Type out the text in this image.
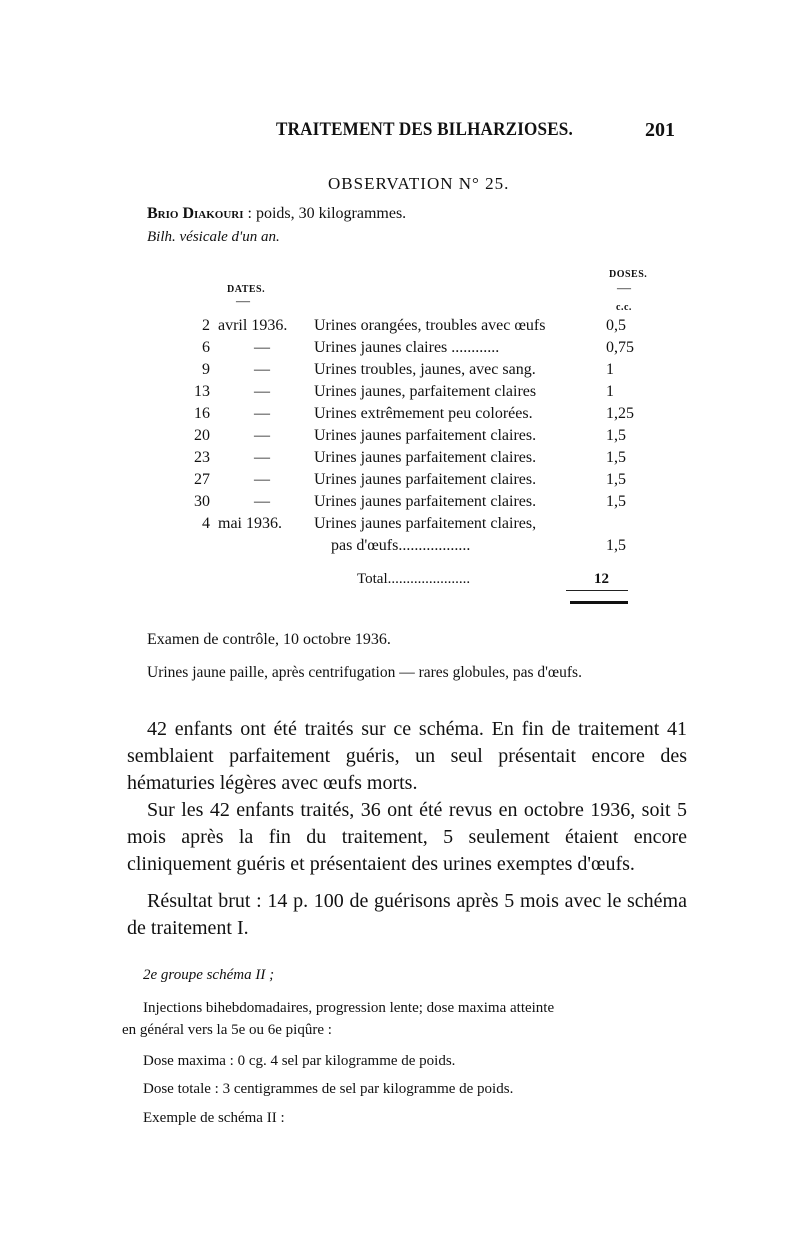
TRAITEMENT DES BILHARZIOSES.	201
OBSERVATION N° 25.
Brio Diakouri : poids, 30 kilogrammes.
Bilh. vésicale d'un an.
DATES.
—
DOSES.
—
c.c.
2 avril 1936. Urines orangées, troubles avec œufs	0,5
6	—	Urines jaunes claires ............	0,75
9	—	Urines troubles, jaunes, avec sang.	1
13	—	Urines jaunes, parfaitement claires	1
16	—	Urines extrêmement peu colorées.	1,25
20	—	Urines jaunes parfaitement claires.	1,5
23	—	Urines jaunes parfaitement claires.	1,5
27	—	Urines jaunes parfaitement claires.	1,5
30	—	Urines jaunes parfaitement claires.	1,5
4 mai 1936. Urines jaunes parfaitement claires,
pas d'œufs..................	1,5
Total......................	12
Examen de contrôle, 10 octobre 1936.
Urines jaune paille, après centrifugation — rares globules, pas d'œufs.
42 enfants ont été traités sur ce schéma. En fin de traitement 41 semblaient parfaitement guéris, un seul présentait encore des hématuries légères avec œufs morts.
Sur les 42 enfants traités, 36 ont été revus en octobre 1936, soit 5 mois après la fin du traitement, 5 seulement étaient encore cliniquement guéris et présentaient des urines exemptes d'œufs.
Résultat brut : 14 p. 100 de guérisons après 5 mois avec le schéma de traitement I.
2e groupe schéma II ;
Injections bihebdomadaires, progression lente; dose maxima atteinte
en général vers la 5e ou 6e piqûre :
Dose maxima : 0 cg. 4 sel par kilogramme de poids.
Dose totale : 3 centigrammes de sel par kilogramme de poids.
Exemple de schéma II :
